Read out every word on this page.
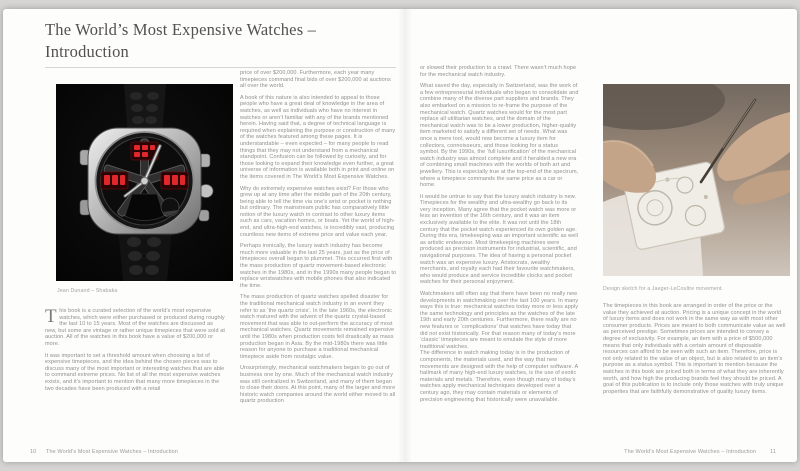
The World’s Most Expensive Watches –
Introduction
Jean Dunand – Shabaka

This book is a curated selection of the world’s most expensive watches, which were either purchased or produced during roughly the last 10 to 15 years. Most of the watches are discussed as new, but some are vintage or rather unique timepieces that were sold at auction. All of the watches in this book have a value of $200,000 or more.

It was important to set a threshold amount when choosing a list of expensive timepieces, and the idea behind the chosen pieces was to discuss many of the most important or interesting watches that are able to command extreme prices. No list of all the most expensive watches exists, and it’s important to mention that many more timepieces in the two decades have been produced with a retail

price of over $200,000. Furthermore, each year many timepieces command final bids of over $200,000 at auctions all over the world.

A book of this nature is also intended to appeal to those people who have a great deal of knowledge in the area of watches, as well as individuals who have no interest in watches or aren’t familiar with any of the brands mentioned herein. Having said that, a degree of technical language is required when explaining the purpose or construction of many of the watches featured among these pages. It is understandable – even expected – for many people to read things that they may not understand from a mechanical standpoint. Confusion can be followed by curiosity, and for those looking to expand their knowledge even further, a great universe of information is available both in print and online on the items covered in The World’s Most Expensive Watches.

Why do extremely expensive watches exist? For those who grew up at any time after the middle part of the 20th century, being able to tell the time via one’s wrist or pocket is nothing but ordinary. The mainstream public has comparatively little notion of the luxury watch in contrast to other luxury items such as cars, vacation homes, or boats. Yet the world of high-end, and ultra-high-end watches, is incredibly vast, producing countless new items of extreme price and value each year.

Perhaps ironically, the luxury watch industry has become much more valuable in the last 25 years, just as the price of timepieces overall began to plummet. This occurred first with the mass production of quartz movement-based electronic watches in the 1980s, and in the 1990s many people began to replace wristwatches with mobile phones that also indicated the time.

The mass production of quartz watches spelled disaster for the traditional mechanical watch industry in an event they refer to as ‘the quartz crisis’. In the late 1960s, the electronic watch matured with the advent of the quartz crystal-based movement that was able to out-perform the accuracy of most mechanical watches. Quartz movements remained expensive until the 1980s when production costs fell drastically as mass production began in Asia. By the mid-1980s there was little reason for anyone to purchase a traditional mechanical timepiece aside from nostalgic value.

Unsurprisingly, mechanical watchmakers began to go out of business one by one. Much of the mechanical watch industry was still centralized in Switzerland, and many of them began to close their doors. At this point, many of the larger and more historic watch companies around the world either moved to all quartz production

10 The World’s Most Expensive Watches – Introduction

or slowed their production to a crawl. There wasn’t much hope for the mechanical watch industry.

What saved the day, especially in Switzerland, was the work of a few entrepreneurial individuals who began to consolidate and combine many of the diverse part suppliers and brands. They also embarked on a mission to re-frame the purpose of the mechanical watch. Quartz watches would for the most part replace all utilitarian watches, and the domain of the mechanical watch was to be a lower production, higher-quality item marketed to satisfy a different set of needs. What was once a mere tool, would now become a luxury item for collectors, connoisseurs, and those looking for a status symbol. By the 1990s, the ‘full luxurification’ of the mechanical watch industry was almost complete and it heralded a new era of combining small machines with the worlds of both art and jewellery. This is especially true at the top-end of the spectrum, where a timepiece commands the same price as a car or home.

It would be untrue to say that the luxury watch industry is new. Timepieces for the wealthy and ultra-wealthy go back to its very inception. Many agree that the pocket watch was more or less an invention of the 16th century, and it was an item exclusively available to the elite. It was not until the 18th century that the pocket watch experienced its own golden age. During this era, timekeeping was an important scientific as well as artistic endeavour. Most timekeeping machines were produced as precision instruments for industrial, scientific, and navigational purposes. The idea of having a personal pocket watch was an expensive luxury. Aristocrats, wealthy merchants, and royalty each had their favourite watchmakers, who would produce and service incredible clocks and pocket watches for their personal enjoyment.

Watchmakers will often say that there have been no really new developments in watchmaking over the last 100 years. In many ways this is true: mechanical watches today more or less apply the same technology and principles as the watches of the late 19th and early 20th centuries. Furthermore, there really are no new features or ‘complications’ that watches have today that did not exist historically. For that reason many of today’s more ‘classic’ timepieces are meant to emulate the style of more traditional watches.

The difference in watch making today is in the production of components, the materials used, and the way that new movements are designed with the help of computer software. A hallmark of many high-end luxury watches, is the use of exotic materials and metals. Therefore, even though many of today’s watches apply mechanical techniques developed over a century ago, they may contain materials or elements of precision engineering that historically were unavailable.

Design sketch for a Jaeger-LeCoultre movement.

The timepieces in this book are arranged in order of the price or the value they achieved at auction. Pricing is a unique concept in the world of luxury items and does not work in the same way as with most other consumer products. Prices are meant to both communicate value as well as perceived prestige. Sometimes prices are intended to convey a degree of exclusivity. For example, an item with a price of $500,000 means that only individuals with a certain amount of disposable resources can afford to be seen with such an item. Therefore, price is not only related to the value of an object, but is also related to an item’s purpose as a status symbol. This is important to mention because the watches in this book are priced both in terms of what they are inherently worth, and how high the producing brands feel they should be priced. A goal of this publication is to include only those watches with truly unique properties that are faithfully demonstrative of quality luxury items.

The World’s Most Expensive Watches – Introduction	11
